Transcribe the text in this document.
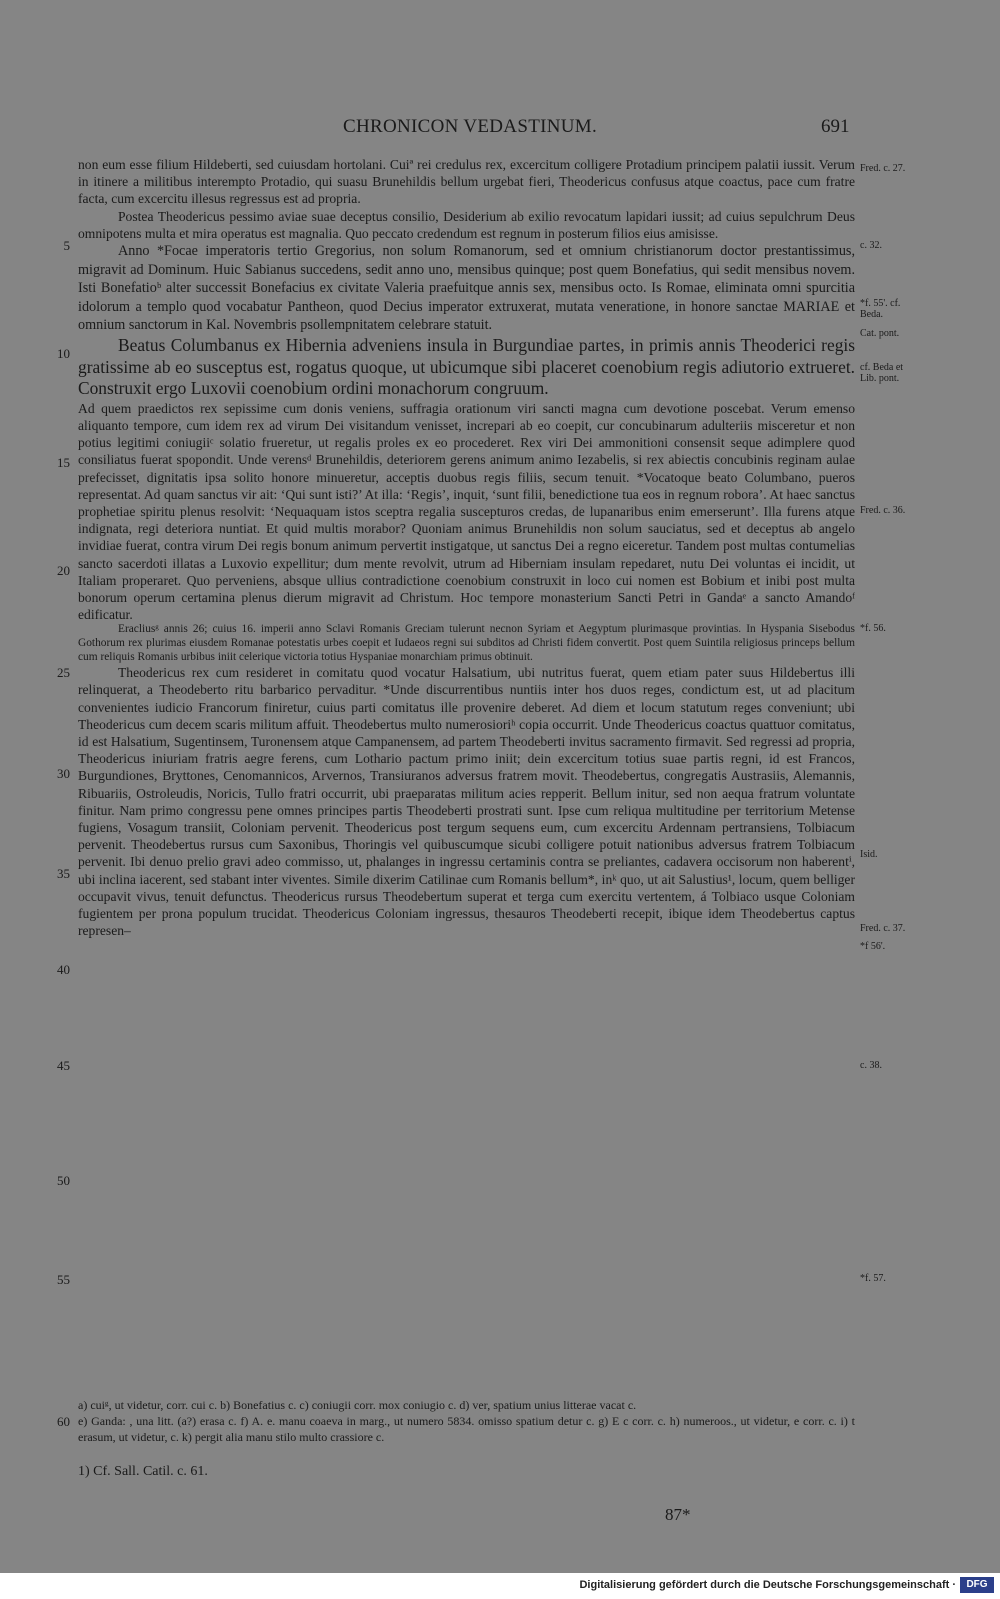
CHRONICON VEDASTINUM.	691

non eum esse filium Hildeberti, sed cuiusdam hortolani. Cuiª rei credulus rex, excercitum colligere Protadium principem palatii iussit. Verum in itinere a militibus interempto Protadio, qui suasu Brunehildis bellum urgebat fieri, Theodericus confusus atque coactus, pace cum fratre facta, cum excercitu illesus regressus est ad propria.

Postea Theodericus pessimo aviae suae deceptus consilio, Desiderium ab exilio revocatum lapidari iussit; ad cuius sepulchrum Deus omnipotens multa et mira operatus est magnalia. Quo peccato credendum est regnum in posterum filios eius amisisse.

Anno *Focae imperatoris tertio Gregorius, non solum Romanorum, sed et omnium christianorum doctor prestantissimus, migravit ad Dominum. Huic Sabianus succedens, sedit anno uno, mensibus quinque; post quem Bonefatius, qui sedit mensibus novem. Isti Bonefatioᵇ alter successit Bonefacius ex civitate Valeria praefuitque annis sex, mensibus octo. Is Romae, eliminata omni spurcitia idolorum a templo quod vocabatur Pantheon, quod Decius imperator extruxerat, mutata veneratione, in honore sanctae MARIAE et omnium sanctorum in Kal. Novembris psollempnitatem celebrare statuit.

Beatus Columbanus ex Hibernia adveniens insula in Burgundiae partes, in primis annis Theoderici regis gratissime ab eo susceptus est, rogatus quoque, ut ubicumque sibi placeret coenobium regis adiutorio extrueret. Construxit ergo Luxovii coenobium ordini monachorum congruum.

Ad quem praedictos rex sepissime cum donis veniens, suffragia orationum viri sancti magna cum devotione poscebat. Verum emenso aliquanto tempore, cum idem rex ad virum Dei visitandum venisset, increpari ab eo coepit, cur concubinarum adulteriis misceretur et non potius legitimi coniugiiᶜ solatio frueretur, ut regalis proles ex eo procederet. Rex viri Dei ammonitioni consensit seque adimplere quod consiliatus fuerat spopondit. Unde verensᵈ Brunehildis, deteriorem gerens animum animo Iezabelis, si rex abiectis concubinis reginam aulae prefecisset, dignitatis ipsa solito honore minueretur, acceptis duobus regis filiis, secum tenuit. *Vocatoque beato Columbano, pueros representat. Ad quam sanctus vir ait: ‘Qui sunt isti?’ At illa: ‘Regis’, inquit, ‘sunt filii, benedictione tua eos in regnum robora’. At haec sanctus prophetiae spiritu plenus resolvit: ‘Nequaquam istos sceptra regalia suscepturos credas, de lupanaribus enim emerserunt’. Illa furens atque indignata, regi deteriora nuntiat. Et quid multis morabor? Quoniam animus Brunehildis non solum sauciatus, sed et deceptus ab angelo invidiae fuerat, contra virum Dei regis bonum animum pervertit instigatque, ut sanctus Dei a regno eiceretur. Tandem post multas contumelias sancto sacerdoti illatas a Luxovio expellitur; dum mente revolvit, utrum ad Hiberniam insulam repedaret, nutu Dei voluntas ei incidit, ut Italiam properaret. Quo perveniens, absque ullius contradictione coenobium construxit in loco cui nomen est Bobium et inibi post multa bonorum operum certamina plenus dierum migravit ad Christum. Hoc tempore monasterium Sancti Petri in Gandaᵉ a sancto Amandoᶠ edificatur.

Eracliusᵍ annis 26; cuius 16. imperii anno Sclavi Romanis Greciam tulerunt necnon Syriam et Aegyptum plurimasque provintias. In Hyspania Sisebodus Gothorum rex plurimas eiusdem Romanae potestatis urbes coepit et Iudaeos regni sui subditos ad Christi fidem convertit. Post quem Suintila religiosus princeps bellum cum reliquis Romanis urbibus iniit celerique victoria totius Hyspaniae monarchiam primus obtinuit.

Theodericus rex cum resideret in comitatu quod vocatur Halsatium, ubi nutritus fuerat, quem etiam pater suus Hildebertus illi relinquerat, a Theodeberto ritu barbarico pervaditur. *Unde discurrentibus nuntiis inter hos duos reges, condictum est, ut ad placitum convenientes iudicio Francorum finiretur, cuius parti comitatus ille provenire deberet. Ad diem et locum statutum reges conveniunt; ubi Theodericus cum decem scaris militum affuit. Theodebertus multo numerosioriʰ copia occurrit. Unde Theodericus coactus quattuor comitatus, id est Halsatium, Sugentinsem, Turonensem atque Campanensem, ad partem Theodeberti invitus sacramento firmavit. Sed regressi ad propria, Theodericus iniuriam fratris aegre ferens, cum Lothario pactum primo iniit; dein excercitum totius suae partis regni, id est Francos, Burgundiones, Bryttones, Cenomannicos, Arvernos, Transiuranos adversus fratrem movit. Theodebertus, congregatis Austrasiis, Alemannis, Ribuariis, Ostroleudis, Noricis, Tullo fratri occurrit, ubi praeparatas militum acies repperit. Bellum initur, sed non aequa fratrum voluntate finitur. Nam primo congressu pene omnes principes partis Theodeberti prostrati sunt. Ipse cum reliqua multitudine per territorium Metense fugiens, Vosagum transiit, Coloniam pervenit. Theodericus post tergum sequens eum, cum excercitu Ardennam pertransiens, Tolbiacum pervenit. Theodebertus rursus cum Saxonibus, Thoringis vel quibuscumque sicubi colligere potuit nationibus adversus fratrem Tolbiacum pervenit. Ibi denuo prelio gravi adeo commisso, ut, phalanges in ingressu certaminis contra se preliantes, cadavera occisorum non haberentⁱ, ubi inclina iacerent, sed stabant inter viventes. Simile dixerim Catilinae cum Romanis bellum*, inᵏ quo, ut ait Salustius¹, locum, quem belliger occupavit vivus, tenuit defunctus. Theodericus rursus Theodebertum superat et terga cum exercitu vertentem, á Tolbiaco usque Coloniam fugientem per prona populum trucidat. Theodericus Coloniam ingressus, thesauros Theodeberti recepit, ibique idem Theodebertus captus represen–

5
10
15
20
25
30
35
40
45
50
55
60
Fred. c. 27.
c. 32.
*f. 55'. cf. Beda.
Cat. pont.
cf. Beda et Lib. pont.
Fred. c. 36.
*f. 56.
Isid.
Fred. c. 37.
*f 56'.
c. 38.
*f. 57.
a) cuiᵍ, ut videtur, corr. cui c. b) Bonefatius c. c) coniugii corr. mox coniugio c. d) ver, spatium unius litterae vacat c.
e) Ganda: , una litt. (a?) erasa c. f) A. e. manu coaeva in marg., ut numero 5834. omisso spatium detur c. g) E c corr. c. h) numeroos., ut videtur, e corr. c. i) t erasum, ut videtur, c. k) pergit alia manu stilo multo crassiore c.
1) Cf. Sall. Catil. c. 61.
87*
Digitalisierung gefördert durch die Deutsche Forschungsgemeinschaft ·	DFG
